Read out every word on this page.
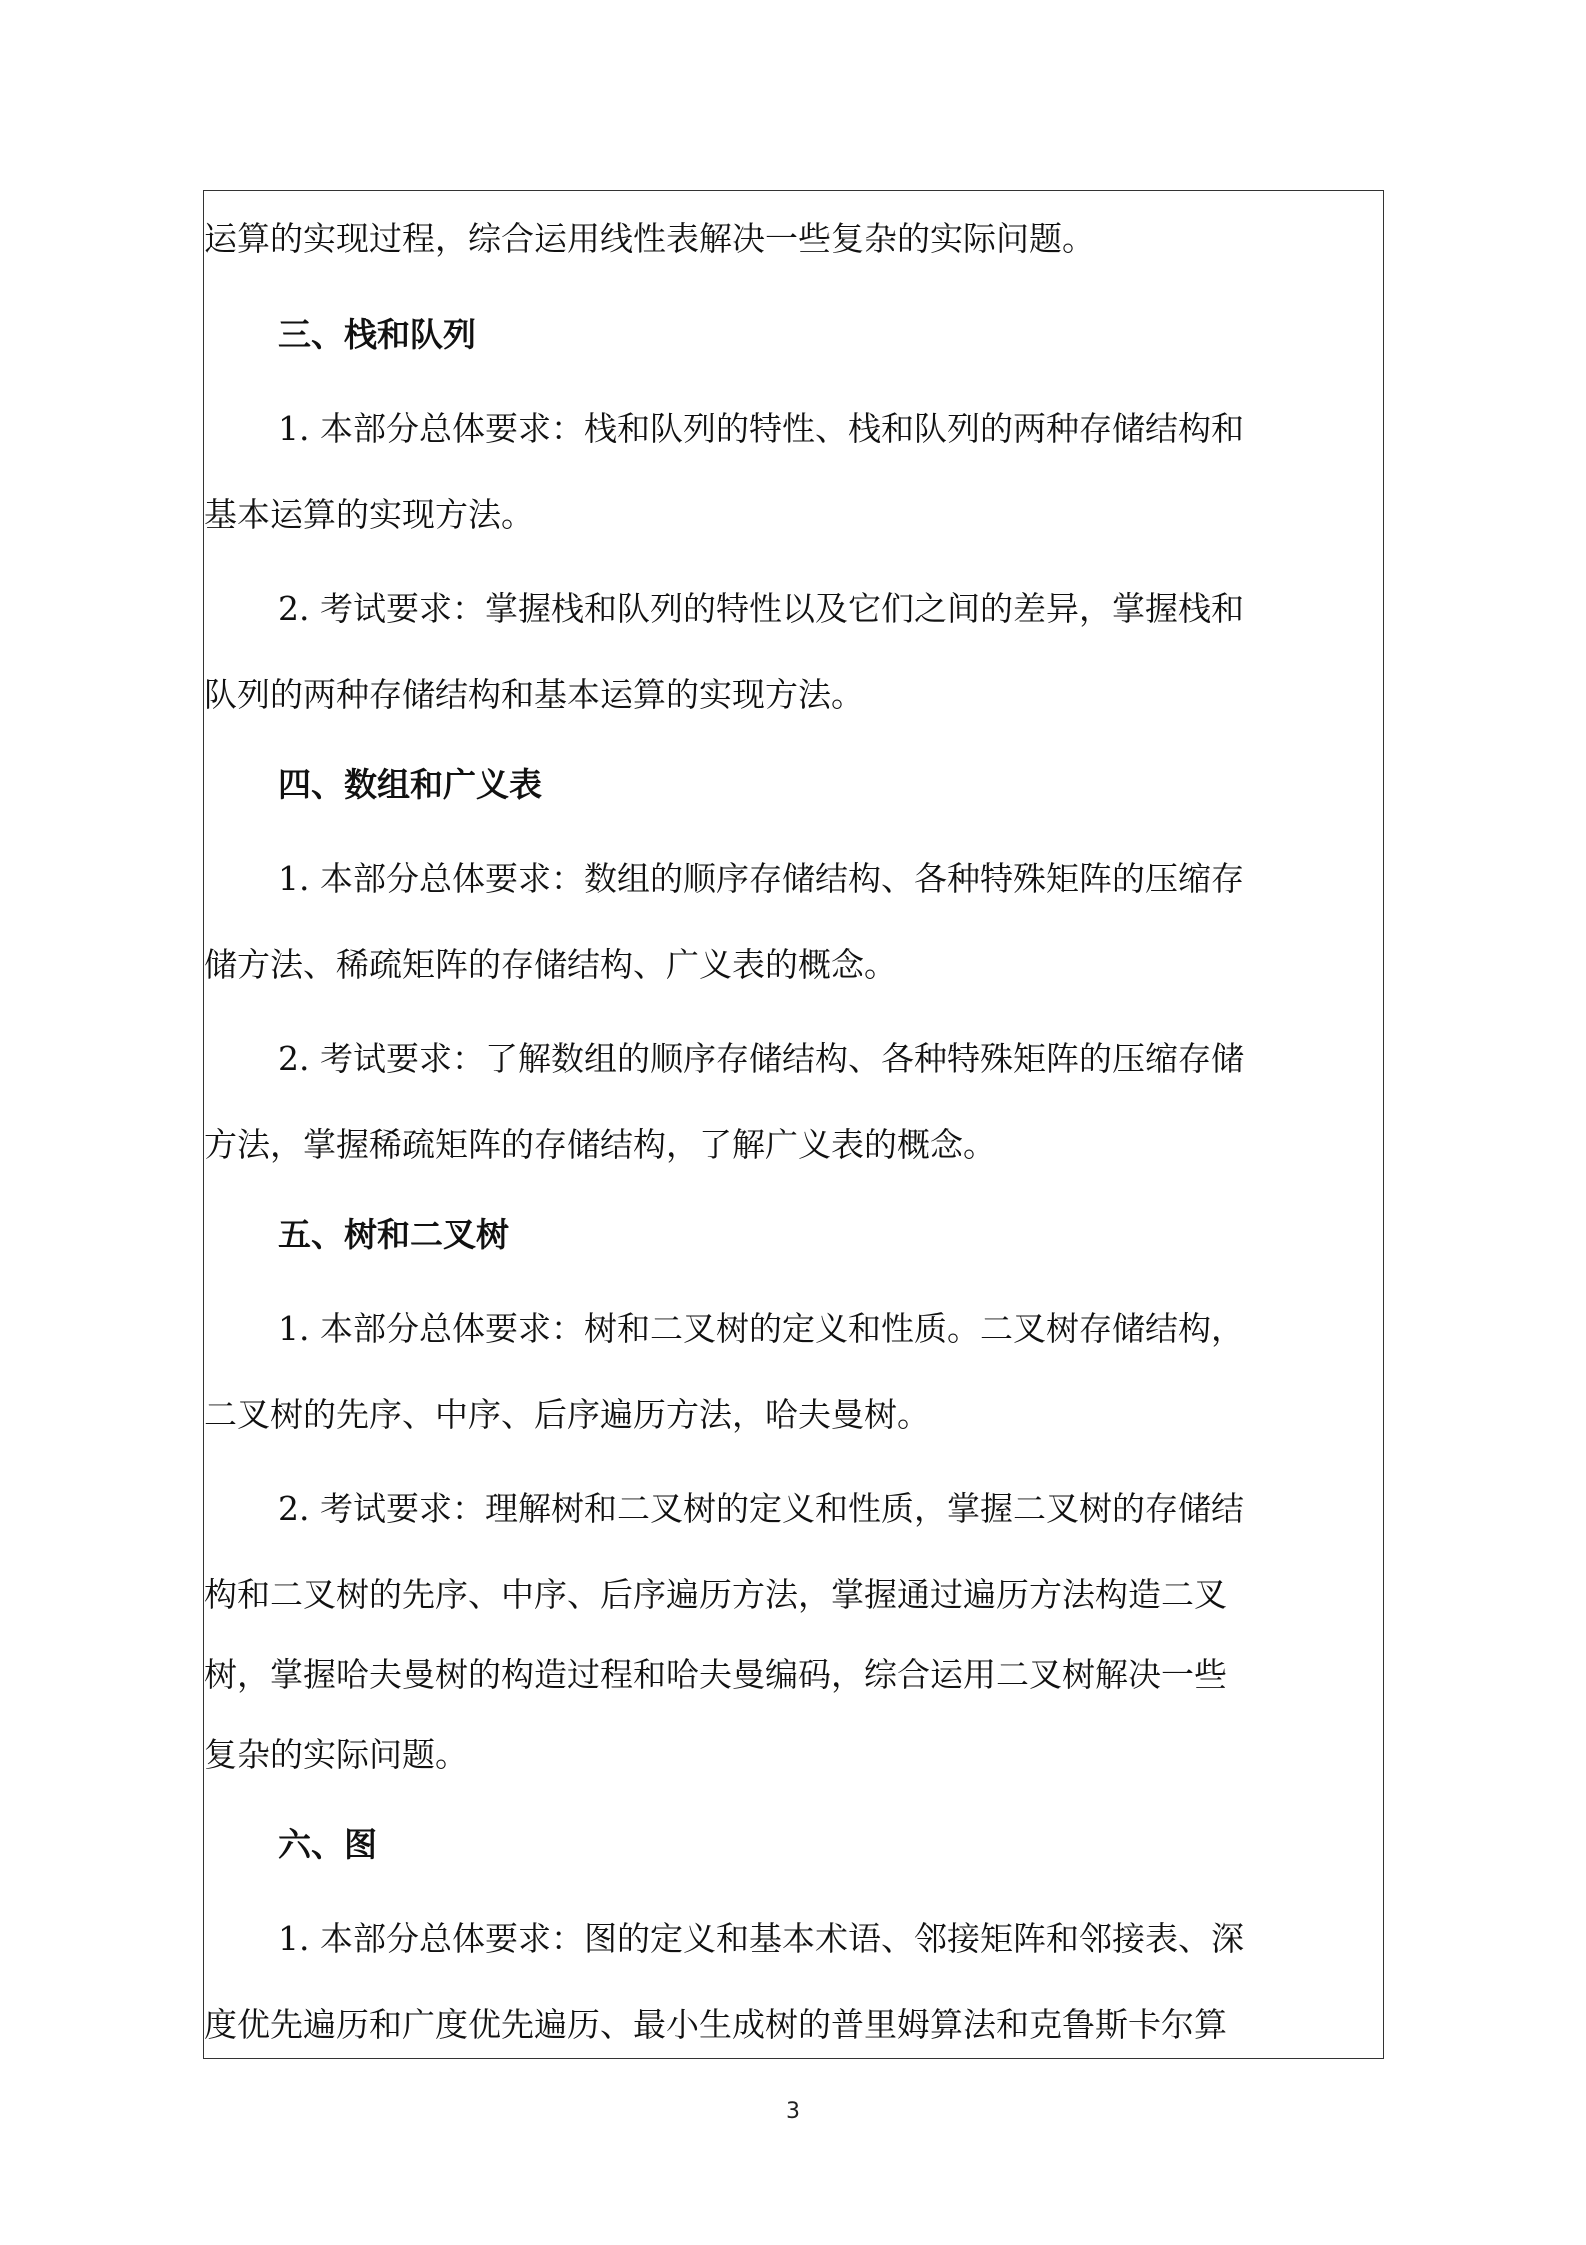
运算的实现过程，综合运用线性表解决一些复杂的实际问题。
三、栈和队列
1. 本部分总体要求：栈和队列的特性、栈和队列的两种存储结构和
基本运算的实现方法。
2. 考试要求：掌握栈和队列的特性以及它们之间的差异，掌握栈和
队列的两种存储结构和基本运算的实现方法。
四、数组和广义表
1. 本部分总体要求：数组的顺序存储结构、各种特殊矩阵的压缩存
储方法、稀疏矩阵的存储结构、广义表的概念。
2. 考试要求：了解数组的顺序存储结构、各种特殊矩阵的压缩存储
方法，掌握稀疏矩阵的存储结构，了解广义表的概念。
五、树和二叉树
1. 本部分总体要求：树和二叉树的定义和性质。二叉树存储结构，
二叉树的先序、中序、后序遍历方法，哈夫曼树。
2. 考试要求：理解树和二叉树的定义和性质，掌握二叉树的存储结
构和二叉树的先序、中序、后序遍历方法，掌握通过遍历方法构造二叉
树，掌握哈夫曼树的构造过程和哈夫曼编码，综合运用二叉树解决一些
复杂的实际问题。
六、图
1. 本部分总体要求：图的定义和基本术语、邻接矩阵和邻接表、深
度优先遍历和广度优先遍历、最小生成树的普里姆算法和克鲁斯卡尔算
3
